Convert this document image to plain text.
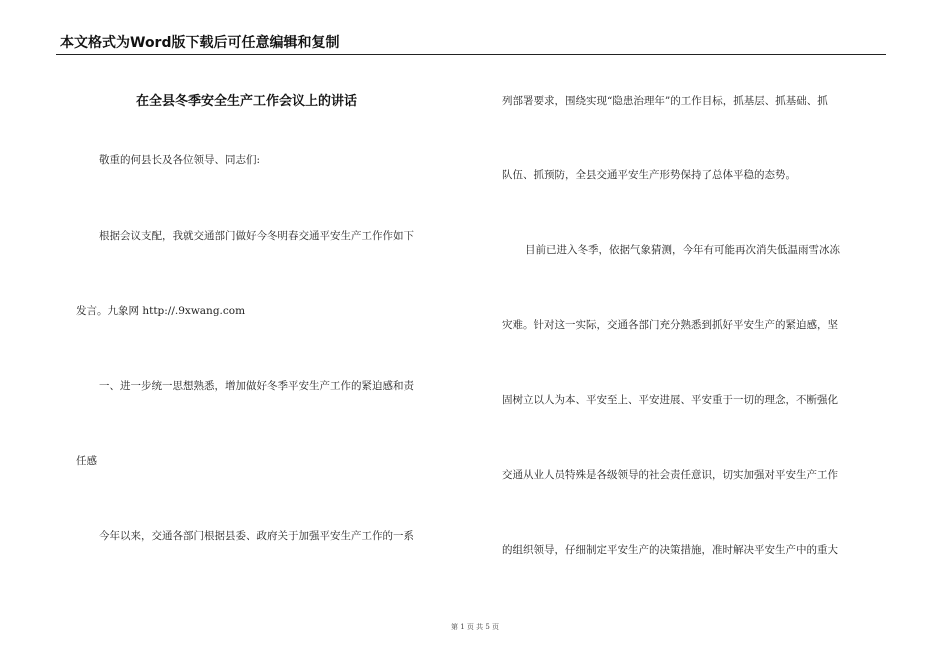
本文格式为Word版下载后可任意编辑和复制
在全县冬季安全生产工作会议上的讲话
敬重的何县长及各位领导、同志们:
根据会议支配，我就交通部门做好今冬明春交通平安生产工作作如下
发言。九象网 http://.9xwang.com
一、进一步统一思想熟悉，增加做好冬季平安生产工作的紧迫感和责
任感
今年以来，交通各部门根据县委、政府关于加强平安生产工作的一系
列部署要求，围绕实现“隐患治理年”的工作目标，抓基层、抓基础、抓
队伍、抓预防，全县交通平安生产形势保持了总体平稳的态势。
目前已进入冬季，依据气象猜测，今年有可能再次消失低温雨雪冰冻
灾难。针对这一实际，交通各部门充分熟悉到抓好平安生产的紧迫感，坚
固树立以人为本、平安至上、平安进展、平安重于一切的理念，不断强化
交通从业人员特殊是各级领导的社会责任意识，切实加强对平安生产工作
的组织领导，仔细制定平安生产的决策措施，准时解决平安生产中的重大
第 1 页 共 5 页
